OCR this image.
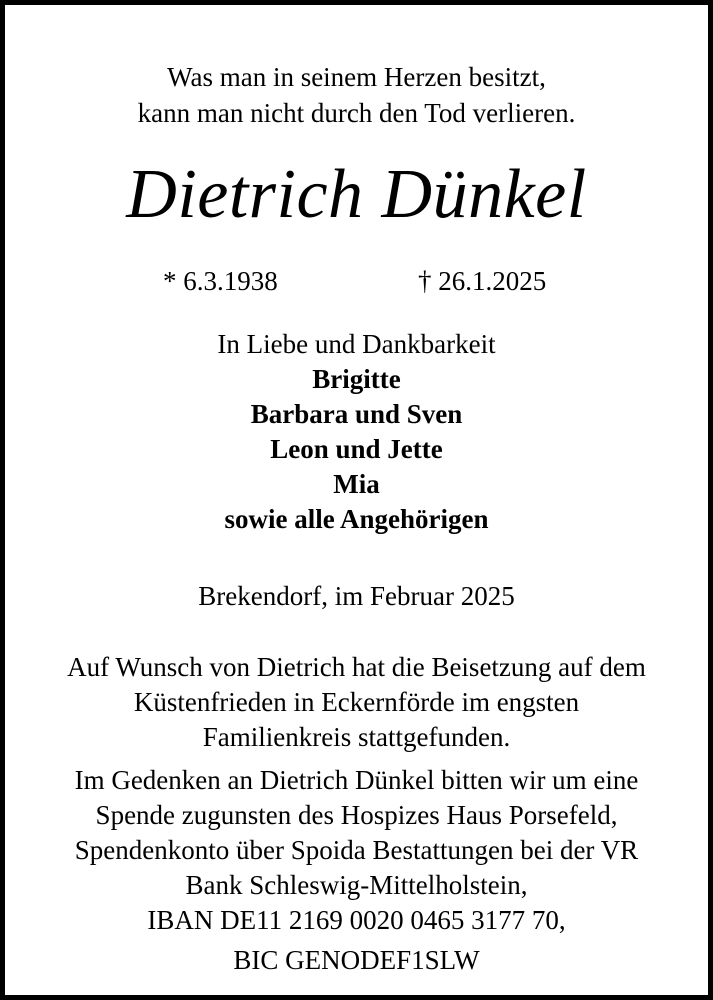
Was man in seinem Herzen besitzt,
kann man nicht durch den Tod verlieren.
Dietrich Dünkel
* 6.3.1938	† 26.1.2025
In Liebe und Dankbarkeit
Brigitte
Barbara und Sven
Leon und Jette
Mia
sowie alle Angehörigen
Brekendorf, im Februar 2025
Auf Wunsch von Dietrich hat die Beisetzung auf dem
Küstenfrieden in Eckernförde im engsten
Familienkreis stattgefunden.
Im Gedenken an Dietrich Dünkel bitten wir um eine
Spende zugunsten des Hospizes Haus Porsefeld,
Spendenkonto über Spoida Bestattungen bei der VR
Bank Schleswig-Mittelholstein,
IBAN DE11 2169 0020 0465 3177 70,
BIC GENODEF1SLW
